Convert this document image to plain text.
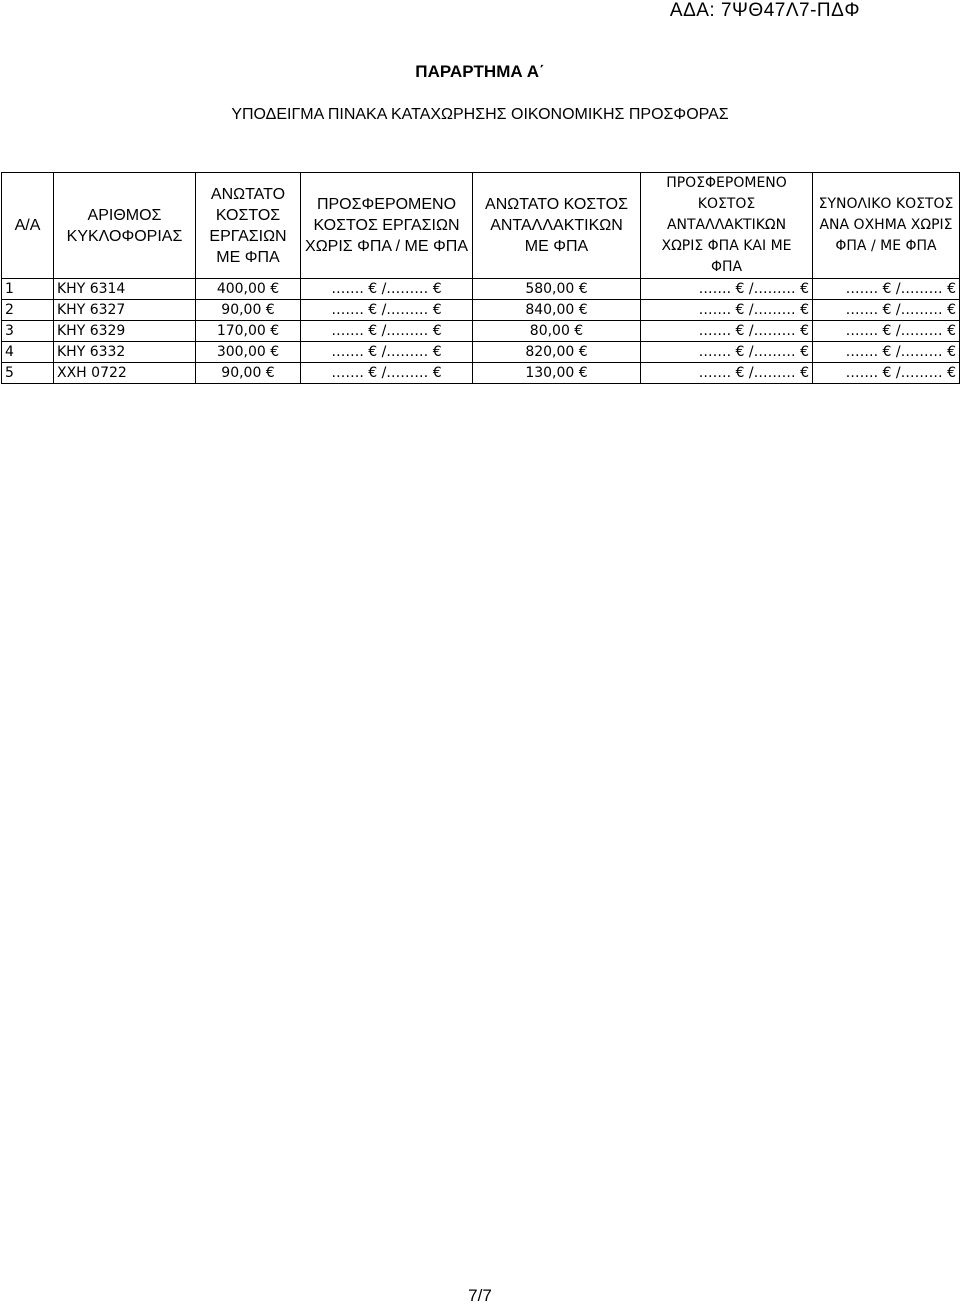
ΑΔΑ: 7ΨΘ47Λ7-ΠΔΦ
ΠΑΡΑΡΤΗΜΑ Α΄
ΥΠΟΔΕΙΓΜΑ ΠΙΝΑΚΑ ΚΑΤΑΧΩΡΗΣΗΣ ΟΙΚΟΝΟΜΙΚΗΣ ΠΡΟΣΦΟΡΑΣ
Α/Α	ΑΡΙΘΜΟΣ ΚΥΚΛΟΦΟΡΙΑΣ	ΑΝΩΤΑΤΟ ΚΟΣΤΟΣ ΕΡΓΑΣΙΩΝ ΜΕ ΦΠΑ	ΠΡΟΣΦΕΡΟΜΕΝΟ ΚΟΣΤΟΣ ΕΡΓΑΣΙΩΝ ΧΩΡΙΣ ΦΠΑ / ΜΕ ΦΠΑ	ΑΝΩΤΑΤΟ ΚΟΣΤΟΣ ΑΝΤΑΛΛΑΚΤΙΚΩΝ ΜΕ ΦΠΑ	ΠΡΟΣΦΕΡΟΜΕΝΟ ΚΟΣΤΟΣ ΑΝΤΑΛΛΑΚΤΙΚΩΝ ΧΩΡΙΣ ΦΠΑ ΚΑΙ ΜΕ ΦΠΑ	ΣΥΝΟΛΙΚΟ ΚΟΣΤΟΣ ΑΝΑ ΟΧΗΜΑ ΧΩΡΙΣ ΦΠΑ / ΜΕ ΦΠΑ
1	ΚΗΥ 6314	400,00 €	……. € /……… €	580,00 €	……. € /……… €	……. € /……… €
2	ΚΗΥ 6327	90,00 €	……. € /……… €	840,00 €	……. € /……… €	……. € /……… €
3	ΚΗΥ 6329	170,00 €	……. € /……… €	80,00 €	……. € /……… €	……. € /……… €
4	ΚΗΥ 6332	300,00 €	……. € /……… €	820,00 €	……. € /……… €	……. € /……… €
5	ΧΧΗ 0722	90,00 €	……. € /……… €	130,00 €	……. € /……… €	……. € /……… €
7/7
